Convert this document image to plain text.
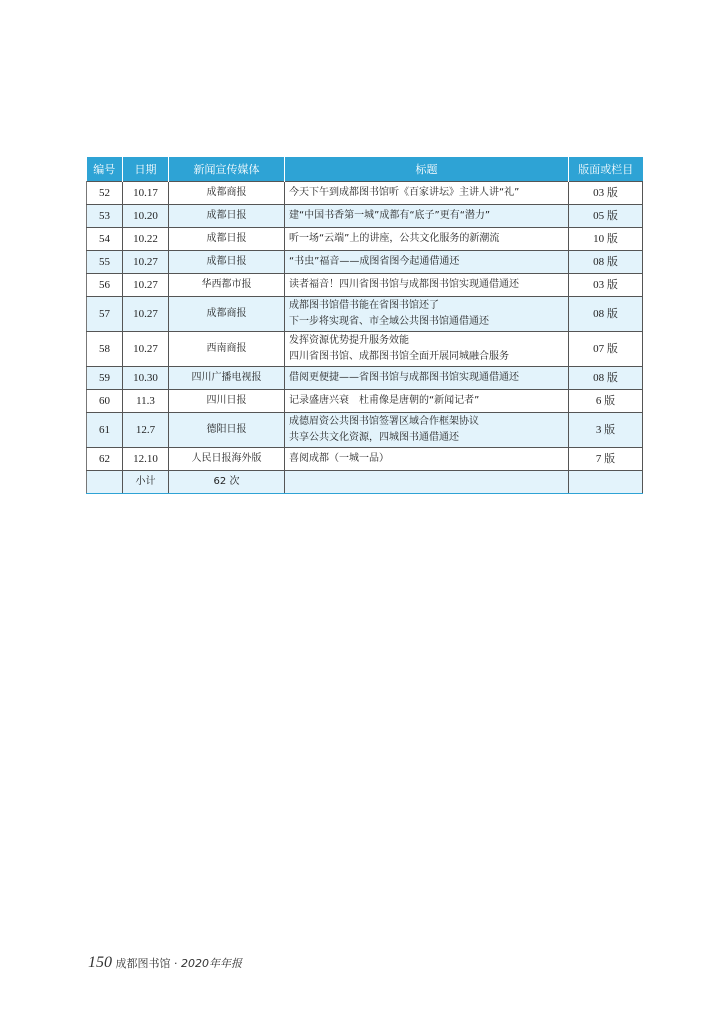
编号	日期	新闻宣传媒体	标题	版面或栏目
52	10.17	成都商报	今天下午到成都图书馆听《百家讲坛》主讲人讲“礼”	03 版
53	10.20	成都日报	建“中国书香第一城”成都有“底子”更有“潜力”	05 版
54	10.22	成都日报	听一场“云端”上的讲座，公共文化服务的新潮流	10 版
55	10.27	成都日报	“书虫”福音——成图省图今起通借通还	08 版
56	10.27	华西都市报	读者福音！四川省图书馆与成都图书馆实现通借通还	03 版
57	10.27	成都商报	成都图书馆借书能在省图书馆还了
下一步将实现省、市全域公共图书馆通借通还	08 版
58	10.27	西南商报	发挥资源优势提升服务效能
四川省图书馆、成都图书馆全面开展同城融合服务	07 版
59	10.30	四川广播电视报	借阅更便捷——省图书馆与成都图书馆实现通借通还	08 版
60	11.3	四川日报	记录盛唐兴衰　杜甫像是唐朝的“新闻记者”	6 版
61	12.7	德阳日报	成德眉资公共图书馆签署区域合作框架协议
共享公共文化资源，四城图书通借通还	3 版
62	12.10	人民日报海外版	喜阅成都（一城一品）	7 版
	小计	62 次		
150 成都图书馆 · 2020年年报
